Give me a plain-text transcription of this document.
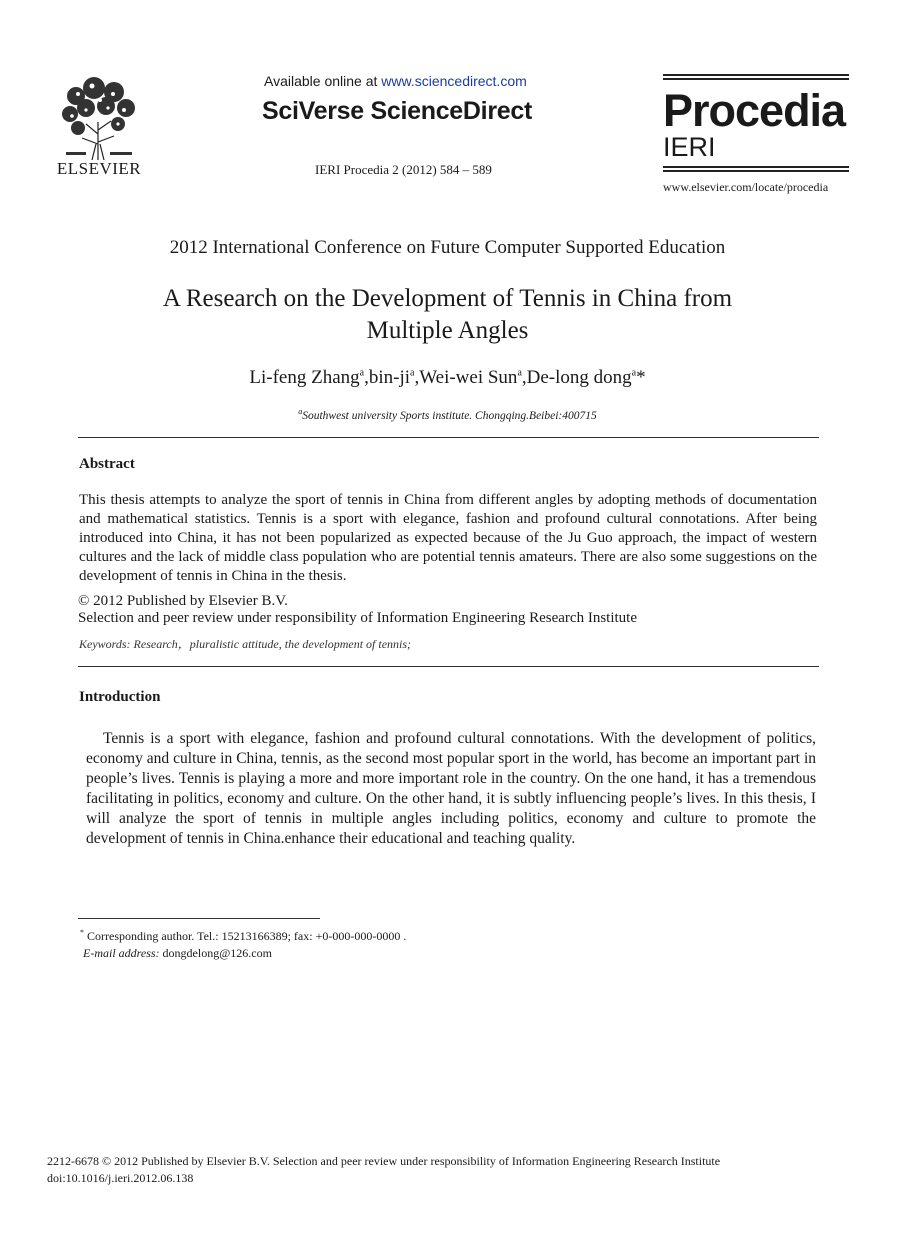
ELSEVIER
Available online at www.sciencedirect.com
SciVerse ScienceDirect
IERI Procedia 2 (2012) 584 – 589
Procedia
IERI
www.elsevier.com/locate/procedia
2012 International Conference on Future Computer Supported Education
A Research on the Development of Tennis in China from
Multiple Angles
Li-feng $Zhang^a,bin-ji^a,Wei$-wei Sun$^a$,De-long dong$^a$*
$^a$Southwest university Sports institute. Chongqing.Beibei:400715
Abstract
This thesis attempts to analyze the sport of tennis in China from different angles by adopting methods of documentation and mathematical statistics. Tennis is a sport with elegance, fashion and profound cultural connotations. After being introduced into China, it has not been popularized as expected because of the Ju Guo approach, the impact of western cultures and the lack of middle class population who are potential tennis amateurs. There are also some suggestions on the development of tennis in China in the thesis.
© 2012 Published by Elsevier B.V.
Selection and peer review under responsibility of Information Engineering Research Institute
Keywords: Research，pluralistic attitude, the development of tennis;
Introduction
Tennis is a sport with elegance, fashion and profound cultural connotations. With the development of politics, economy and culture in China, tennis, as the second most popular sport in the world, has become an important part in people’s lives. Tennis is playing a more and more important role in the country. On the one hand, it has a tremendous facilitating in politics, economy and culture. On the other hand, it is subtly influencing people’s lives. In this thesis, I will analyze the sport of tennis in multiple angles including politics, economy and culture to promote the development of tennis in China.enhance their educational and teaching quality.
* Corresponding author. Tel.: 15213166389; fax: +0-000-000-0000 .
E-mail address: dongdelong@126.com
2212-6678 © 2012 Published by Elsevier B.V. Selection and peer review under responsibility of Information Engineering Research Institute
doi:10.1016/j.ieri.2012.06.138
